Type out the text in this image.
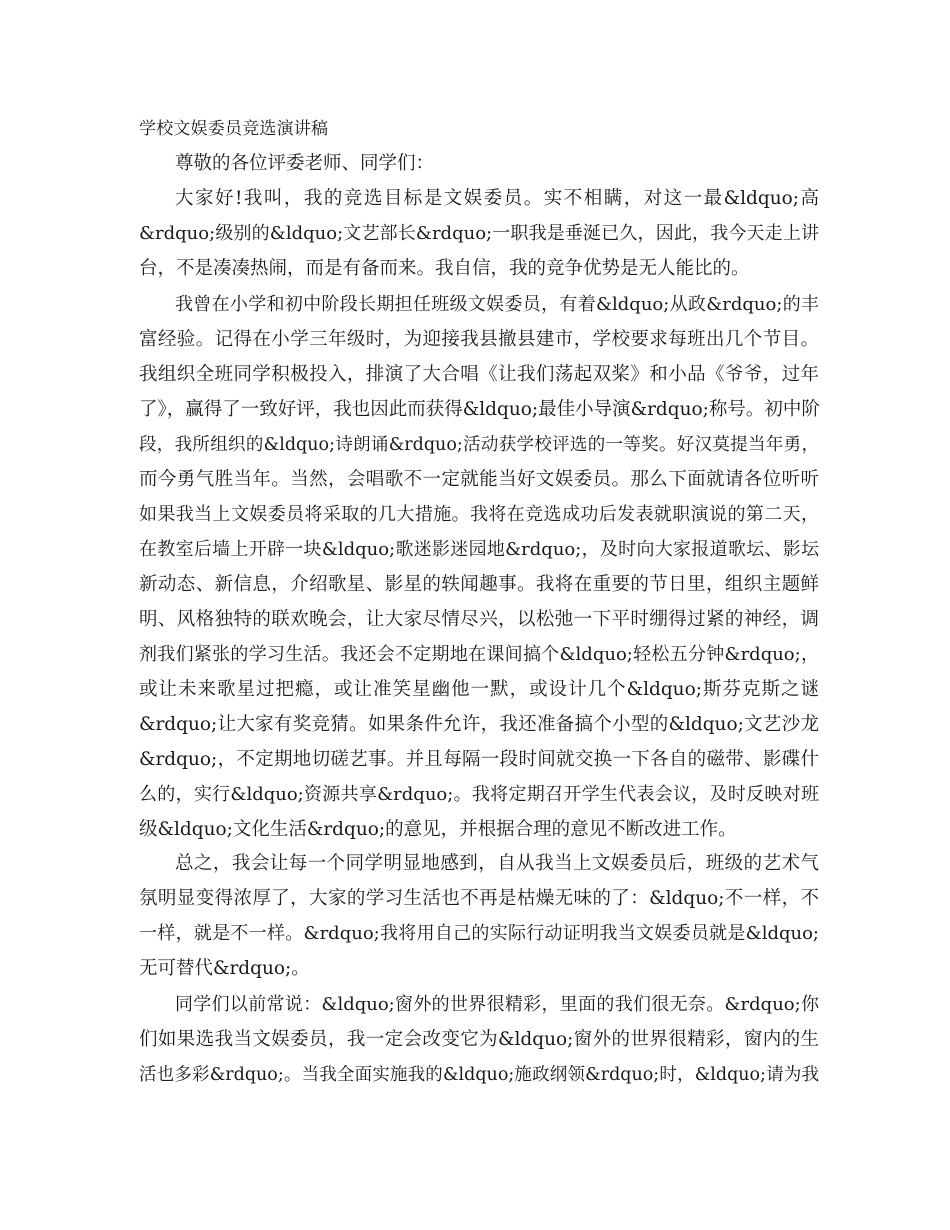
学校文娱委员竞选演讲稿
尊敬的各位评委老师、同学们：
大家好!我叫，我的竞选目标是文娱委员。实不相瞒，对这一最&ldquo;高
&rdquo;级别的&ldquo;文艺部长&rdquo;一职我是垂涎已久，因此，我今天走上讲
台，不是凑凑热闹，而是有备而来。我自信，我的竞争优势是无人能比的。
我曾在小学和初中阶段长期担任班级文娱委员，有着&ldquo;从政&rdquo;的丰
富经验。记得在小学三年级时，为迎接我县撤县建市，学校要求每班出几个节目。
我组织全班同学积极投入，排演了大合唱《让我们荡起双桨》和小品《爷爷，过年
了》，赢得了一致好评，我也因此而获得&ldquo;最佳小导演&rdquo;称号。初中阶
段，我所组织的&ldquo;诗朗诵&rdquo;活动获学校评选的一等奖。好汉莫提当年勇，
而今勇气胜当年。当然，会唱歌不一定就能当好文娱委员。那么下面就请各位听听
如果我当上文娱委员将采取的几大措施。我将在竞选成功后发表就职演说的第二天，
在教室后墙上开辟一块&ldquo;歌迷影迷园地&rdquo;，及时向大家报道歌坛、影坛
新动态、新信息，介绍歌星、影星的轶闻趣事。我将在重要的节日里，组织主题鲜
明、风格独特的联欢晚会，让大家尽情尽兴，以松弛一下平时绷得过紧的神经，调
剂我们紧张的学习生活。我还会不定期地在课间搞个&ldquo;轻松五分钟&rdquo;，
或让未来歌星过把瘾，或让准笑星幽他一默，或设计几个&ldquo;斯芬克斯之谜
&rdquo;让大家有奖竞猜。如果条件允许，我还准备搞个小型的&ldquo;文艺沙龙
&rdquo;，不定期地切磋艺事。并且每隔一段时间就交换一下各自的磁带、影碟什
么的，实行&ldquo;资源共享&rdquo;。我将定期召开学生代表会议，及时反映对班
级&ldquo;文化生活&rdquo;的意见，并根据合理的意见不断改进工作。
总之，我会让每一个同学明显地感到，自从我当上文娱委员后，班级的艺术气
氛明显变得浓厚了，大家的学习生活也不再是枯燥无味的了：&ldquo;不一样，不
一样，就是不一样。&rdquo;我将用自己的实际行动证明我当文娱委员就是&ldquo;
无可替代&rdquo;。
同学们以前常说：&ldquo;窗外的世界很精彩，里面的我们很无奈。&rdquo;你
们如果选我当文娱委员，我一定会改变它为&ldquo;窗外的世界很精彩，窗内的生
活也多彩&rdquo;。当我全面实施我的&ldquo;施政纲领&rdquo;时，&ldquo;请为我
